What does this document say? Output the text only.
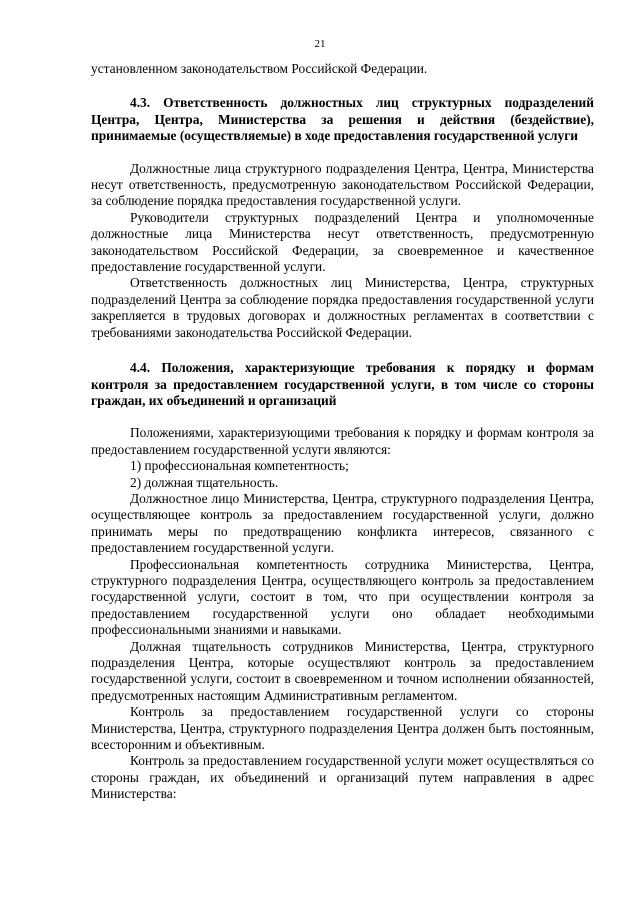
21

установленном законодательством Российской Федерации.

4.3. Ответственность должностных лиц структурных подразделений Центра, Центра, Министерства за решения и действия (бездействие), принимаемые (осуществляемые) в ходе предоставления государственной услуги

Должностные лица структурного подразделения Центра, Центра, Министерства несут ответственность, предусмотренную законодательством Российской Федерации, за соблюдение порядка предоставления государственной услуги.

Руководители структурных подразделений Центра и уполномоченные должностные лица Министерства несут ответственность, предусмотренную законодательством Российской Федерации, за своевременное и качественное предоставление государственной услуги.

Ответственность должностных лиц Министерства, Центра, структурных подразделений Центра за соблюдение порядка предоставления государственной услуги закрепляется в трудовых договорах и должностных регламентах в соответствии с требованиями законодательства Российской Федерации.

4.4. Положения, характеризующие требования к порядку и формам контроля за предоставлением государственной услуги, в том числе со стороны граждан, их объединений и организаций

Положениями, характеризующими требования к порядку и формам контроля за предоставлением государственной услуги являются:

1) профессиональная компетентность;

2) должная тщательность.

Должностное лицо Министерства, Центра, структурного подразделения Центра, осуществляющее контроль за предоставлением государственной услуги, должно принимать меры по предотвращению конфликта интересов, связанного с предоставлением государственной услуги.

Профессиональная компетентность сотрудника Министерства, Центра, структурного подразделения Центра, осуществляющего контроль за предоставлением государственной услуги, состоит в том, что при осуществлении контроля за предоставлением государственной услуги оно обладает необходимыми профессиональными знаниями и навыками.

Должная тщательность сотрудников Министерства, Центра, структурного подразделения Центра, которые осуществляют контроль за предоставлением государственной услуги, состоит в своевременном и точном исполнении обязанностей, предусмотренных настоящим Административным регламентом.

Контроль за предоставлением государственной услуги со стороны Министерства, Центра, структурного подразделения Центра должен быть постоянным, всесторонним и объективным.

Контроль за предоставлением государственной услуги может осуществляться со стороны граждан, их объединений и организаций путем направления в адрес Министерства:
